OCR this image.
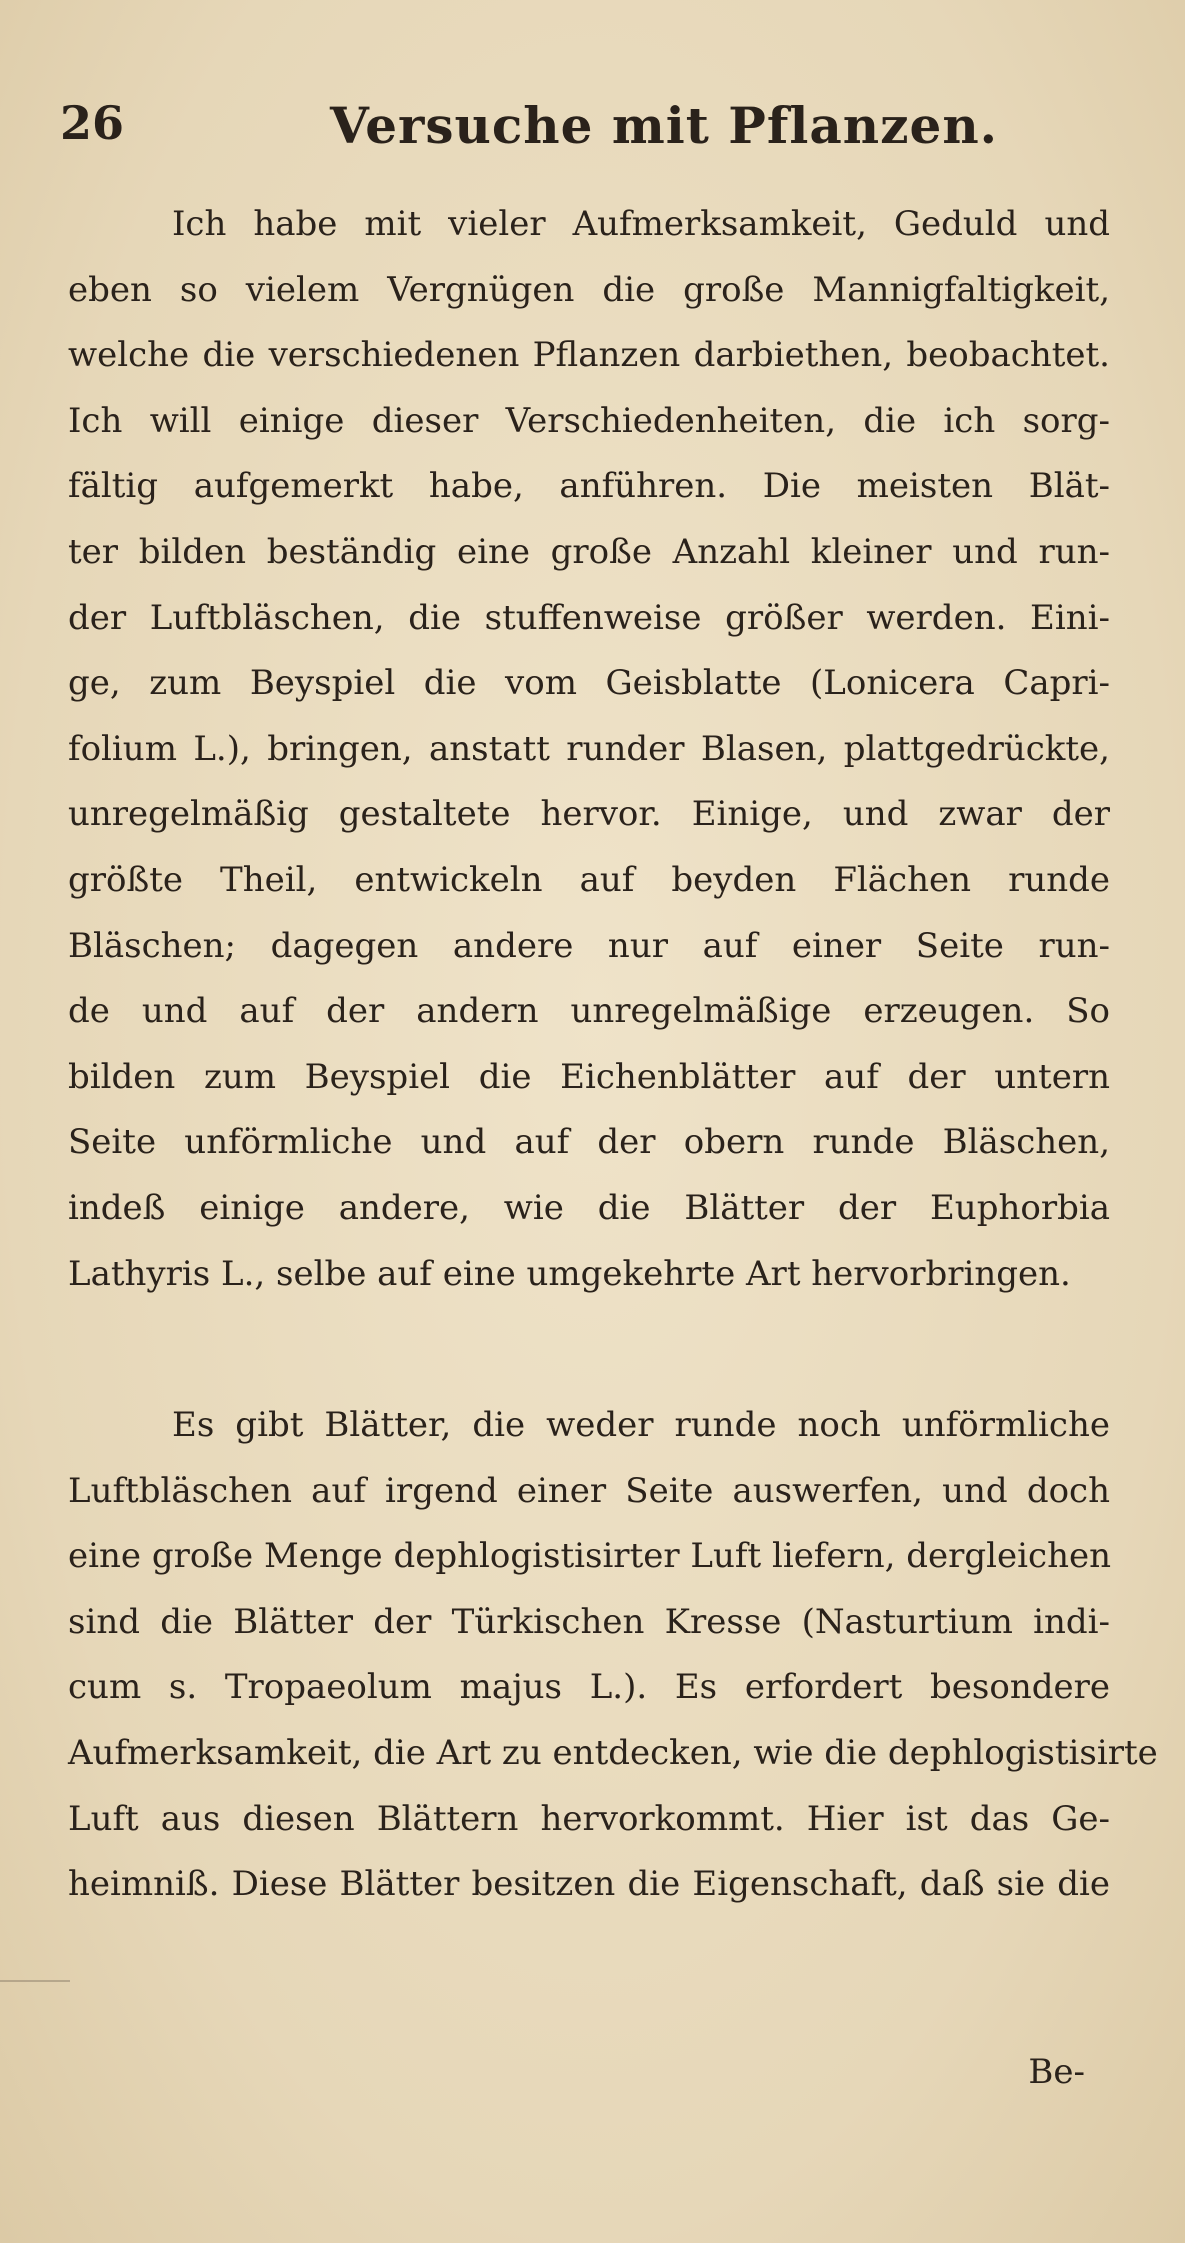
26	Versuche mit Pflanzen.
Ich habe mit vieler Aufmerksamkeit, Geduld und
eben so vielem Vergnügen die große Mannigfaltigkeit,
welche die verschiedenen Pflanzen darbiethen, beobachtet.
Ich will einige dieser Verschiedenheiten, die ich sorg-
fältig aufgemerkt habe, anführen. Die meisten Blät-
ter bilden beständig eine große Anzahl kleiner und run-
der Luftbläschen, die stuffenweise größer werden. Eini-
ge, zum Beyspiel die vom Geisblatte (Lonicera Capri-
folium L.), bringen, anstatt runder Blasen, plattgedrückte,
unregelmäßig gestaltete hervor. Einige, und zwar der
größte Theil, entwickeln auf beyden Flächen runde
Bläschen; dagegen andere nur auf einer Seite run-
de und auf der andern unregelmäßige erzeugen. So
bilden zum Beyspiel die Eichenblätter auf der untern
Seite unförmliche und auf der obern runde Bläschen,
indeß einige andere, wie die Blätter der Euphorbia
Lathyris L., selbe auf eine umgekehrte Art hervorbringen.
Es gibt Blätter, die weder runde noch unförmliche
Luftbläschen auf irgend einer Seite auswerfen, und doch
eine große Menge dephlogistisirter Luft liefern, dergleichen
sind die Blätter der Türkischen Kresse (Nasturtium indi-
cum s. Tropaeolum majus L.). Es erfordert besondere
Aufmerksamkeit, die Art zu entdecken, wie die dephlogistisirte
Luft aus diesen Blättern hervorkommt. Hier ist das Ge-
heimniß. Diese Blätter besitzen die Eigenschaft, daß sie die
Be-
